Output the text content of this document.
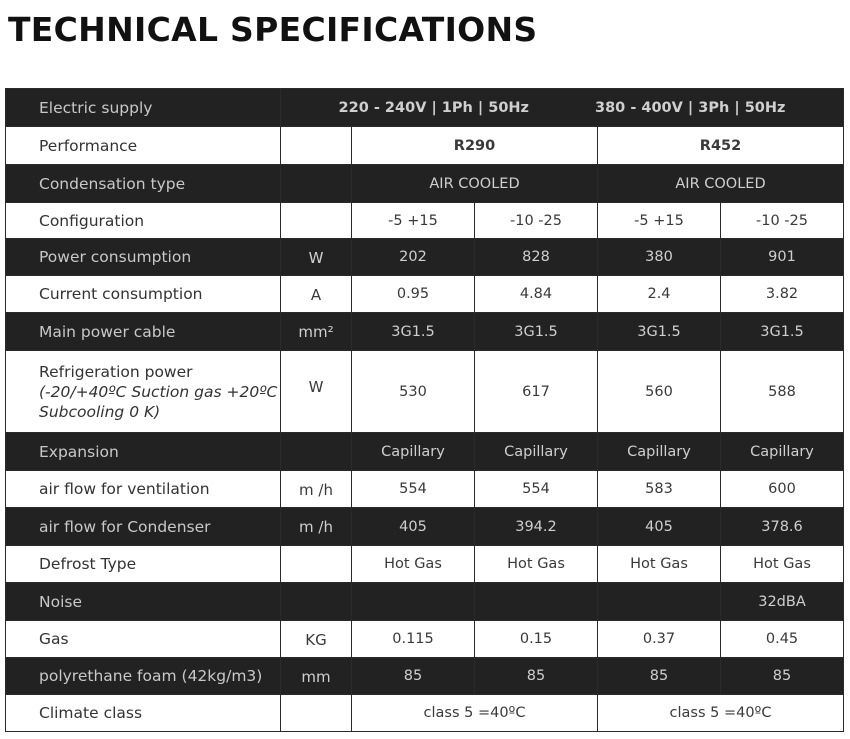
TECHNICAL SPECIFICATIONS
Electric supply	220 - 240V | 1Ph | 50Hz 380 - 400V | 3Ph | 50Hz				
Performance		R290		R452	
Condensation type		AIR COOLED		AIR COOLED	
Configuration		-5 +15	-10 -25	-5 +15	-10 -25
Power consumption	W	202	828	380	901
Current consumption	A	0.95	4.84	2.4	3.82
Main power cable	mm²	3G1.5	3G1.5	3G1.5	3G1.5
Refrigeration power
(-20/+40ºC Suction gas +20ºC
Subcooling 0 K)	W	530	617	560	588
Expansion		Capillary	Capillary	Capillary	Capillary
air flow for ventilation	m /h	554	554	583	600
air flow for Condenser	m /h	405	394.2	405	378.6
Defrost Type		Hot Gas	Hot Gas	Hot Gas	Hot Gas
Noise					32dBA
Gas	KG	0.115	0.15	0.37	0.45
polyrethane foam (42kg/m3)	mm	85	85	85	85
Climate class		class 5 =40ºC		class 5 =40ºC	
